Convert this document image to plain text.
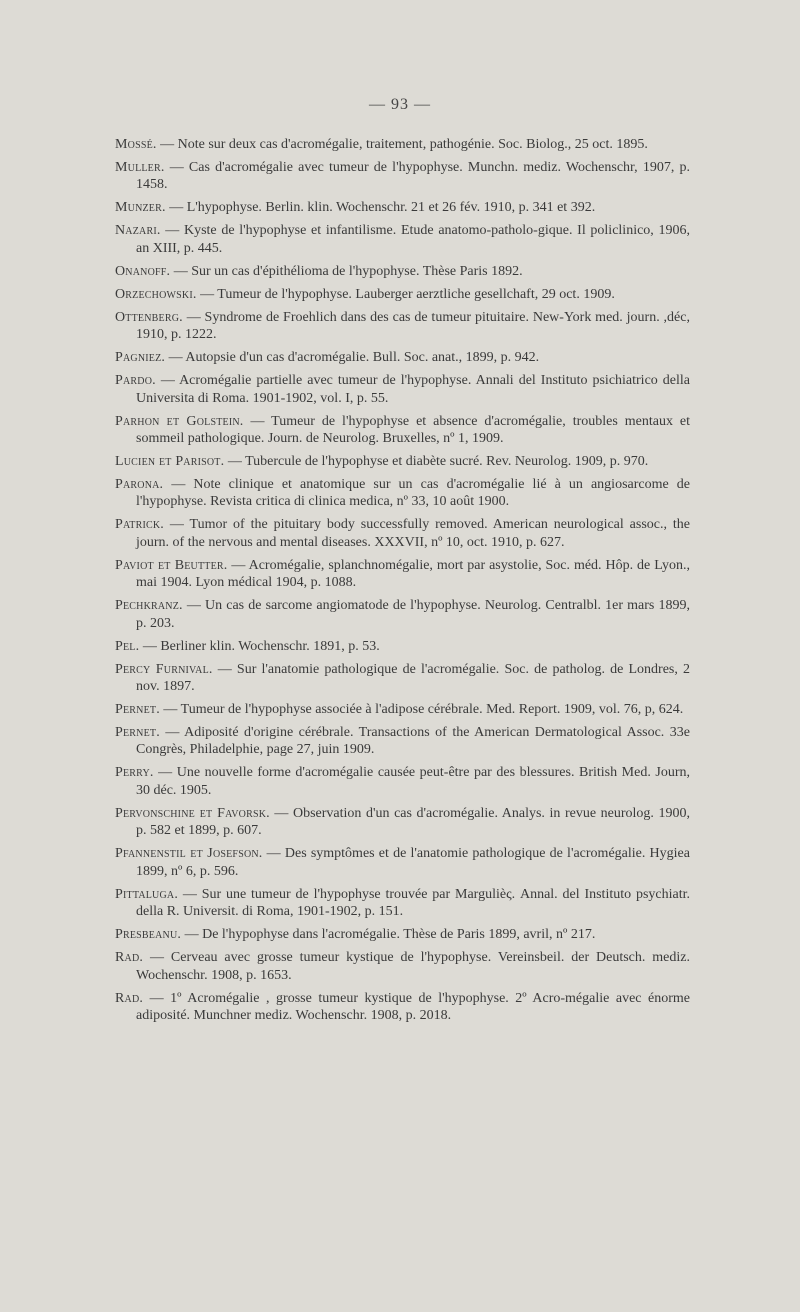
— 93 —

Mossé. — Note sur deux cas d'acromégalie, traitement, pathogénie. Soc. Biolog., 25 oct. 1895.

Muller. — Cas d'acromégalie avec tumeur de l'hypophyse. Munchn. mediz. Wochenschr, 1907, p. 1458.

Munzer. — L'hypophyse. Berlin. klin. Wochenschr. 21 et 26 fév. 1910, p. 341 et 392.

Nazari. — Kyste de l'hypophyse et infantilisme. Etude anatomo-patholo-gique. Il policlinico, 1906, an XIII, p. 445.

Onanoff. — Sur un cas d'épithélioma de l'hypophyse. Thèse Paris 1892.

Orzechowski. — Tumeur de l'hypophyse. Lauberger aerztliche gesellchaft, 29 oct. 1909.

Ottenberg. — Syndrome de Froehlich dans des cas de tumeur pituitaire. New-York med. journ. ,déc, 1910, p. 1222.

Pagniez. — Autopsie d'un cas d'acromégalie. Bull. Soc. anat., 1899, p. 942.

Pardo. — Acromégalie partielle avec tumeur de l'hypophyse. Annali del Instituto psichiatrico della Universita di Roma. 1901-1902, vol. I, p. 55.

Parhon et Golstein. — Tumeur de l'hypophyse et absence d'acromégalie, troubles mentaux et sommeil pathologique. Journ. de Neurolog. Bruxelles, nº 1, 1909.

Lucien et Parisot. — Tubercule de l'hypophyse et diabète sucré. Rev. Neurolog. 1909, p. 970.

Parona. — Note clinique et anatomique sur un cas d'acromégalie lié à un angiosarcome de l'hypophyse. Revista critica di clinica medica, nº 33, 10 août 1900.

Patrick. — Tumor of the pituitary body successfully removed. American neurological assoc., the journ. of the nervous and mental diseases. XXXVII, nº 10, oct. 1910, p. 627.

Paviot et Beutter. — Acromégalie, splanchnomégalie, mort par asystolie, Soc. méd. Hôp. de Lyon., mai 1904. Lyon médical 1904, p. 1088.

Pechkranz. — Un cas de sarcome angiomatode de l'hypophyse. Neurolog. Centralbl. 1er mars 1899, p. 203.

Pel. — Berliner klin. Wochenschr. 1891, p. 53.

Percy Furnival. — Sur l'anatomie pathologique de l'acromégalie. Soc. de patholog. de Londres, 2 nov. 1897.

Pernet. — Tumeur de l'hypophyse associée à l'adipose cérébrale. Med. Report. 1909, vol. 76, p, 624.

Pernet. — Adiposité d'origine cérébrale. Transactions of the American Dermatological Assoc. 33e Congrès, Philadelphie, page 27, juin 1909.

Perry. — Une nouvelle forme d'acromégalie causée peut-être par des blessures. British Med. Journ, 30 déc. 1905.

Pervonschine et Favorsk. — Observation d'un cas d'acromégalie. Analys. in revue neurolog. 1900, p. 582 et 1899, p. 607.

Pfannenstil et Josefson. — Des symptômes et de l'anatomie pathologique de l'acromégalie. Hygiea 1899, nº 6, p. 596.

Pittaluga. — Sur une tumeur de l'hypophyse trouvée par Margulièς. Annal. del Instituto psychiatr. della R. Universit. di Roma, 1901-1902, p. 151.

Presbeanu. — De l'hypophyse dans l'acromégalie. Thèse de Paris 1899, avril, nº 217.

Rad. — Cerveau avec grosse tumeur kystique de l'hypophyse. Vereinsbeil. der Deutsch. mediz. Wochenschr. 1908, p. 1653.

Rad. — 1º Acromégalie , grosse tumeur kystique de l'hypophyse. 2º Acro-mégalie avec énorme adiposité. Munchner mediz. Wochenschr. 1908, p. 2018.
